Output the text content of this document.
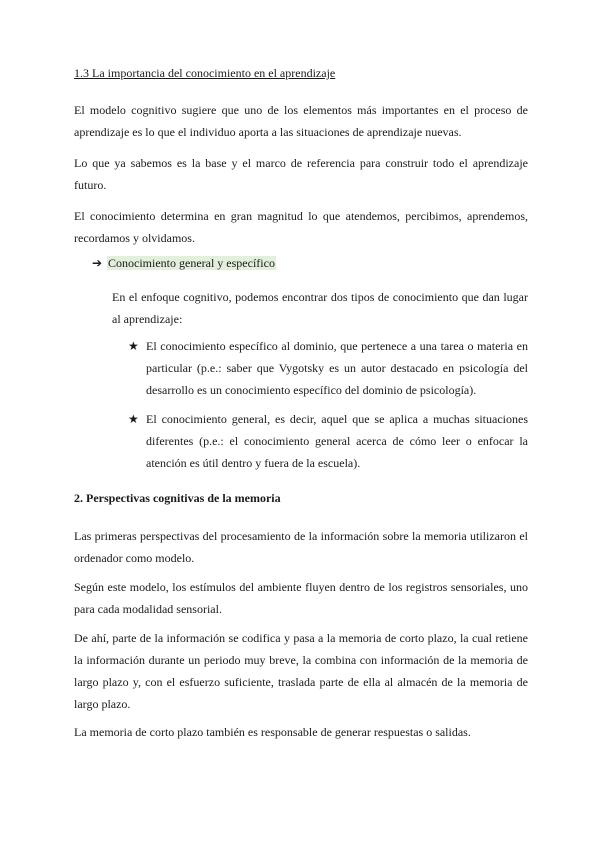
1.3 La importancia del conocimiento en el aprendizaje

El modelo cognitivo sugiere que uno de los elementos más importantes en el proceso de aprendizaje es lo que el individuo aporta a las situaciones de aprendizaje nuevas.

Lo que ya sabemos es la base y el marco de referencia para construir todo el aprendizaje futuro.

El conocimiento determina en gran magnitud lo que atendemos, percibimos, aprendemos, recordamos y olvidamos.

➔ Conocimiento general y específico

En el enfoque cognitivo, podemos encontrar dos tipos de conocimiento que dan lugar al aprendizaje:

★ El conocimiento específico al dominio, que pertenece a una tarea o materia en particular (p.e.: saber que Vygotsky es un autor destacado en psicología del desarrollo es un conocimiento específico del dominio de psicología).

★ El conocimiento general, es decir, aquel que se aplica a muchas situaciones diferentes (p.e.: el conocimiento general acerca de cómo leer o enfocar la atención es útil dentro y fuera de la escuela).

2. Perspectivas cognitivas de la memoria

Las primeras perspectivas del procesamiento de la información sobre la memoria utilizaron el ordenador como modelo.

Según este modelo, los estímulos del ambiente fluyen dentro de los registros sensoriales, uno para cada modalidad sensorial.

De ahí, parte de la información se codifica y pasa a la memoria de corto plazo, la cual retiene la información durante un periodo muy breve, la combina con información de la memoria de largo plazo y, con el esfuerzo suficiente, traslada parte de ella al almacén de la memoria de largo plazo.

La memoria de corto plazo también es responsable de generar respuestas o salidas.
